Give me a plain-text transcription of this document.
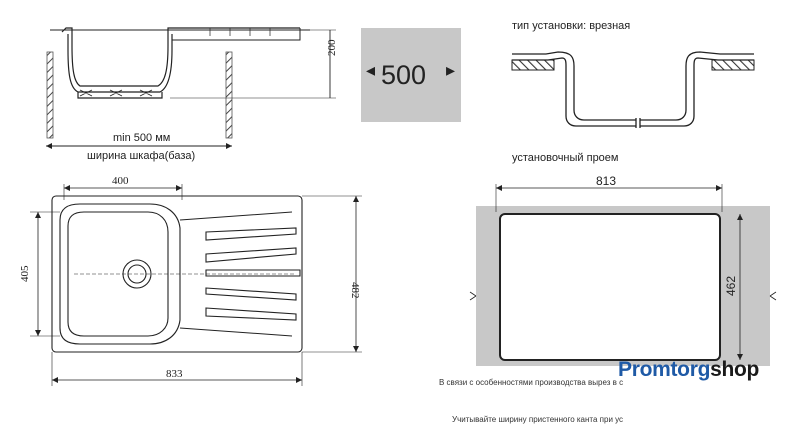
◂	▸
500
200
min 500 мм
ширина шкафа(база)
тип установки: врезная
400
405
482
833
установочный проем
813
462
В связи с особенностями производства вырез в с
Учитывайте ширину пристенного канта при ус
Promtorgshop
